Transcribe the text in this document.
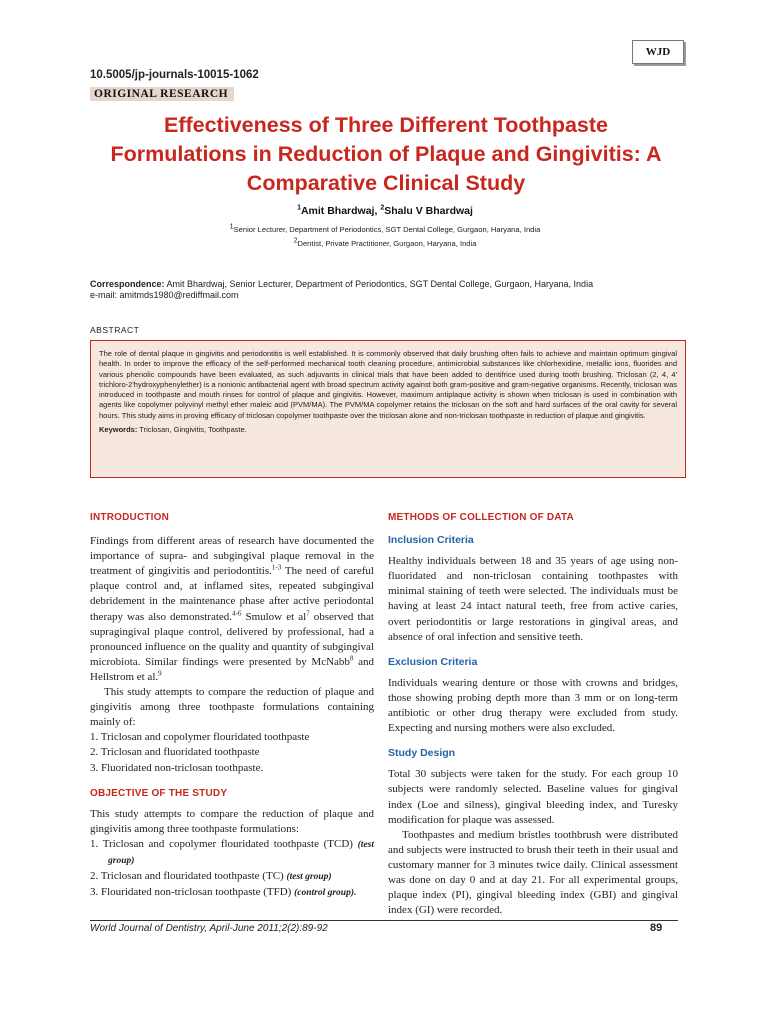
WJD
10.5005/jp-journals-10015-1062
ORIGINAL RESEARCH
Effectiveness of Three Different Toothpaste Formulations in Reduction of Plaque and Gingivitis: A Comparative Clinical Study
$^1$Amit Bhardwaj, $^2$Shalu V Bhardwaj
$^1$Senior Lecturer, Department of Periodontics, SGT Dental College, Gurgaon, Haryana, India
$^2$Dentist, Private Practitioner, Gurgaon, Haryana, India
Correspondence: Amit Bhardwaj, Senior Lecturer, Department of Periodontics, SGT Dental College, Gurgaon, Haryana, India
e-mail: amitmds1980@rediffmail.com
ABSTRACT
The role of dental plaque in gingivitis and periodontitis is well established. It is commonly observed that daily brushing often fails to achieve and maintain optimum gingival health. In order to improve the efficacy of the self-performed mechanical tooth cleaning procedure, antimicrobial substances like chlorhexidine, metallic ions, fluorides and various phenolic compounds have been evaluated, as such adjuvants in clinical trials that have been added to dentifrice used during tooth brushing. Triclosan (2, 4, 4' trichloro-2'hydroxyphenylether) is a nonionic antibacterial agent with broad spectrum activity against both gram-positive and gram-negative organisms. Recently, triclosan was introduced in toothpaste and mouth rinses for control of plaque and gingivitis. However, maximum antiplaque activity is shown when triclosan is used in combination with agents like copolymer polyvinyl methyl ether maleic acid (PVM/MA). The PVM/MA copolymer retains the triclosan on the soft and hard surfaces of the oral cavity for several hours. This study aims in proving efficacy of triclosan copolymer toothpaste over the triclosan alone and non-triclosan toothpaste in reduction of plaque and gingivitis.
Keywords: Triclosan, Gingivitis, Toothpaste.
INTRODUCTION

Findings from different areas of research have documented the importance of supra- and subgingival plaque removal in the treatment of gingivitis and periodontitis.$^{1-3}$ The need of careful plaque control and, at inflamed sites, repeated subgingival debridement in the maintenance phase after active periodontal therapy was also demonstrated.$^{4-6}$ Smulow et $al^7$ observed that supragingival plaque control, delivered by professional, had a pronounced influence on the quality and quantity of subgingival microbiota. Similar findings were presented by McNabb$^8$ and Hellstrom et al.$^9$

This study attempts to compare the reduction of plaque and gingivitis among three toothpaste formulations containing mainly of:

1. Triclosan and copolymer flouridated toothpaste
2. Triclosan and fluoridated toothpaste
3. Fluoridated non-triclosan toothpaste.
OBJECTIVE OF THE STUDY

This study attempts to compare the reduction of plaque and gingivitis among three toothpaste formulations:

1. Triclosan and copolymer flouridated toothpaste (TCD) (test group)
2. Triclosan and flouridated toothpaste (TC) (test group)
3. Flouridated non-triclosan toothpaste (TFD) (control group).
METHODS OF COLLECTION OF DATA
Inclusion Criteria

Healthy individuals between 18 and 35 years of age using non-fluoridated and non-triclosan containing toothpastes with minimal staining of teeth were selected. The individuals must be having at least 24 intact natural teeth, free from active caries, overt periodontitis or large restorations in gingival areas, and absence of oral infection and sensitive teeth.

Exclusion Criteria

Individuals wearing denture or those with crowns and bridges, those showing probing depth more than 3 mm or on long-term antibiotic or other drug therapy were excluded from study. Expecting and nursing mothers were also excluded.

Study Design

Total 30 subjects were taken for the study. For each group 10 subjects were randomly selected. Baseline values for gingival index (Loe and silness), gingival bleeding index, and Turesky modification for plaque was assessed.

Toothpastes and medium bristles toothbrush were distributed and subjects were instructed to brush their teeth in their usual and customary manner for 3 minutes twice daily. Clinical assessment was done on day 0 and at day 21. For all experimental groups, plaque index (PI), gingival bleeding index (GBI) and gingival index (GI) were recorded.

World Journal of Dentistry, April-June 2011;2(2):89-92	89
